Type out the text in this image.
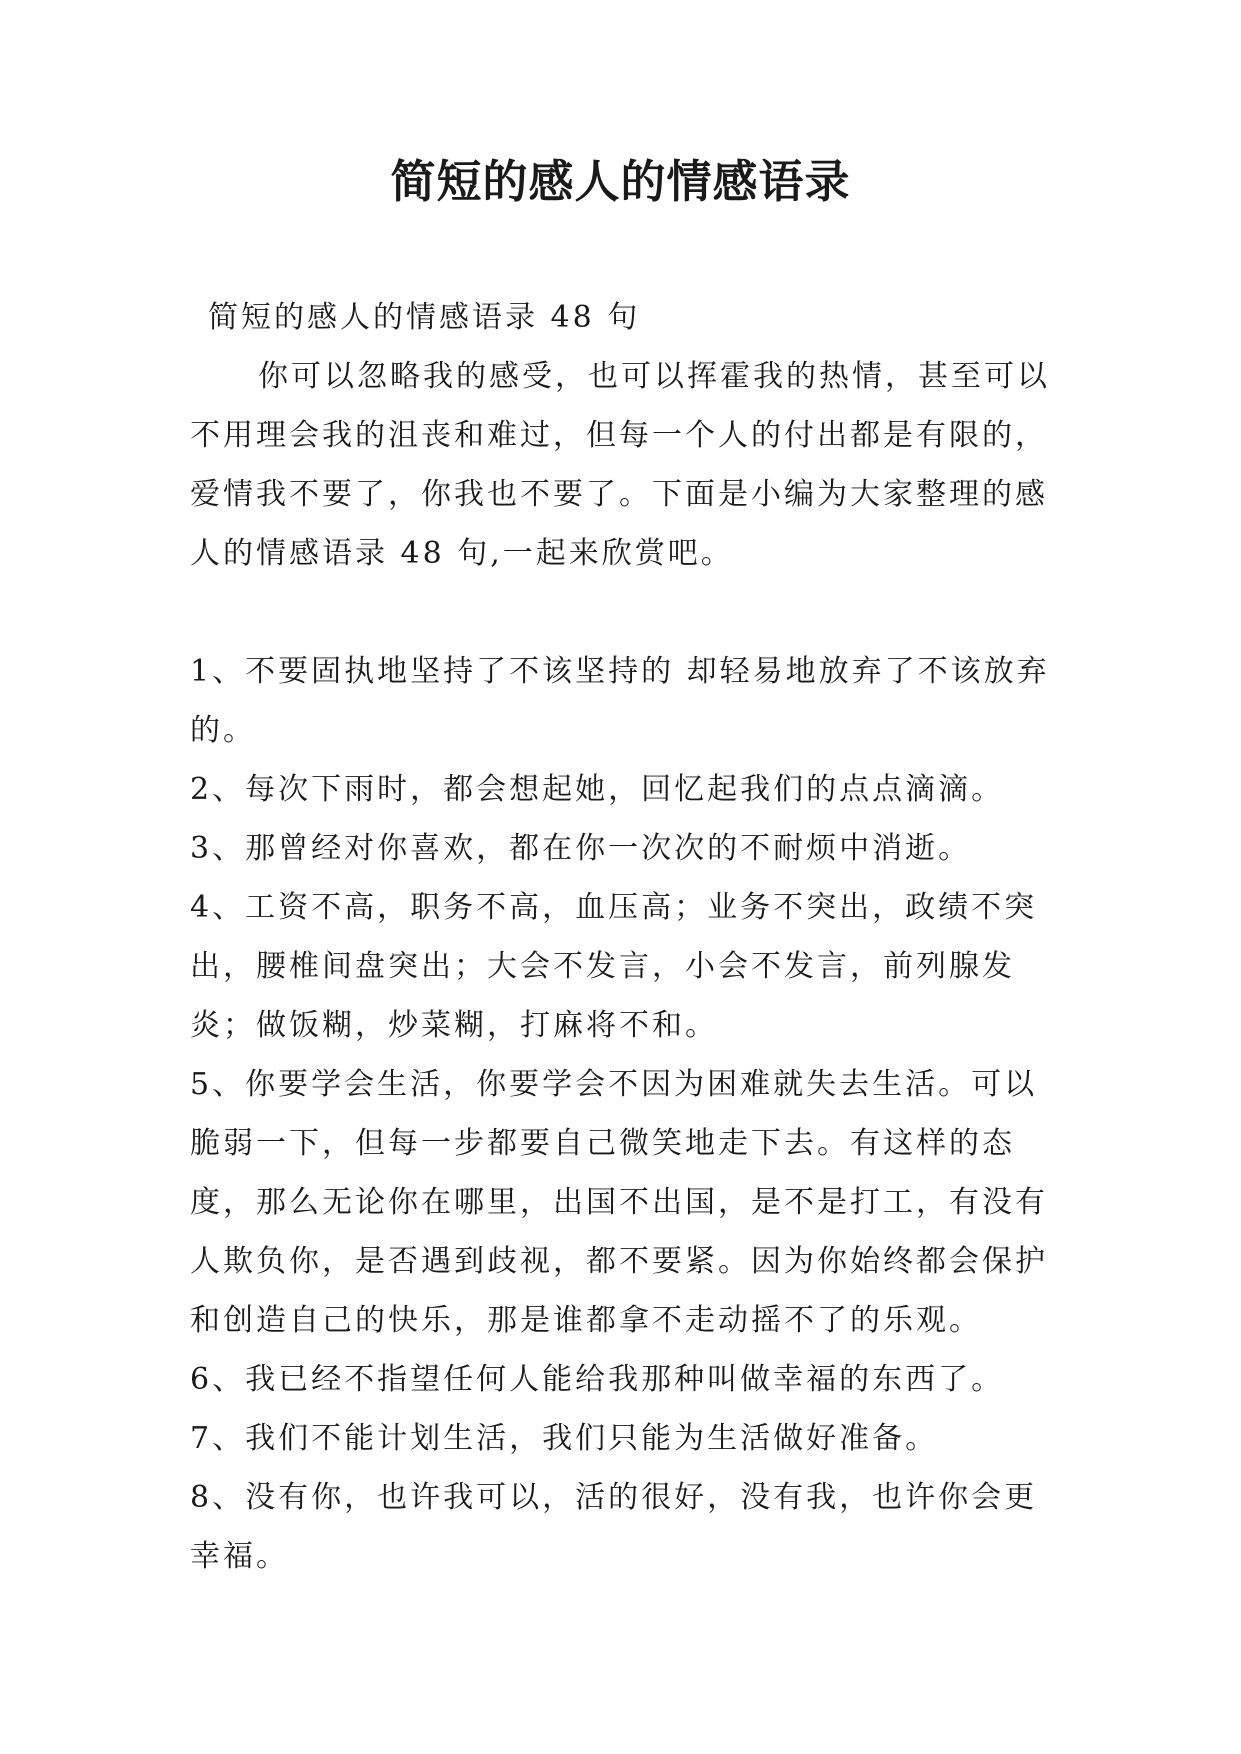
简短的感人的情感语录

简短的感人的情感语录 48 句

你可以忽略我的感受，也可以挥霍我的热情，甚至可以不用理会我的沮丧和难过，但每一个人的付出都是有限的，爱情我不要了，你我也不要了。下面是小编为大家整理的感人的情感语录 48 句,一起来欣赏吧。

1、不要固执地坚持了不该坚持的 却轻易地放弃了不该放弃的。

2、每次下雨时，都会想起她，回忆起我们的点点滴滴。

3、那曾经对你喜欢，都在你一次次的不耐烦中消逝。

4、工资不高，职务不高，血压高；业务不突出，政绩不突出，腰椎间盘突出；大会不发言，小会不发言，前列腺发炎；做饭糊，炒菜糊，打麻将不和。

5、你要学会生活，你要学会不因为困难就失去生活。可以脆弱一下，但每一步都要自己微笑地走下去。有这样的态度，那么无论你在哪里，出国不出国，是不是打工，有没有人欺负你，是否遇到歧视，都不要紧。因为你始终都会保护和创造自己的快乐，那是谁都拿不走动摇不了的乐观。

6、我已经不指望任何人能给我那种叫做幸福的东西了。

7、我们不能计划生活，我们只能为生活做好准备。

8、没有你，也许我可以，活的很好，没有我，也许你会更幸福。
